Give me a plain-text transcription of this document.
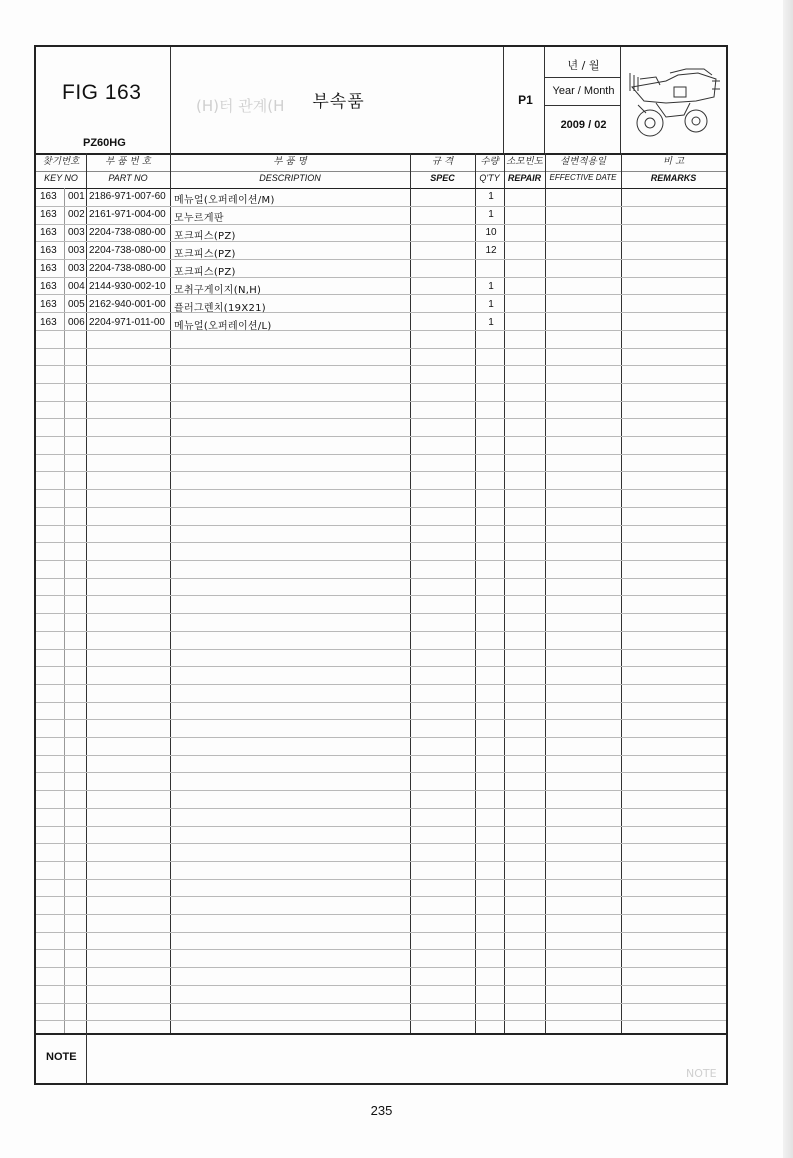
(H)터 관계(H
NOTE
FIG 163
PZ60HG
부속품	P1
년 / 월
Year / Month
2009 / 02
찾기번호	부 품 번 호	부 품 명	규 격	수량 소모빈도	설변적용일	비 고
KEY NO	PART NO	DESCRIPTION	SPEC	Q'TY REPAIR	EFFECTIVE DATE	REMARKS
163 001 2186-971-007-60 메뉴얼(오퍼레이션/M)	1
163 002 2161-971-004-00 모누르게판	1
163 003 2204-738-080-00 포크피스(PZ)	10
163 003 2204-738-080-00 포크피스(PZ)	12
163 003 2204-738-080-00 포크피스(PZ)
163 004 2144-930-002-10 모취구게이지(N,H)	1
163 005 2162-940-001-00 플러그렌치(19X21)	1
163 006 2204-971-011-00 메뉴얼(오퍼레이션/L)	1
NOTE
235
